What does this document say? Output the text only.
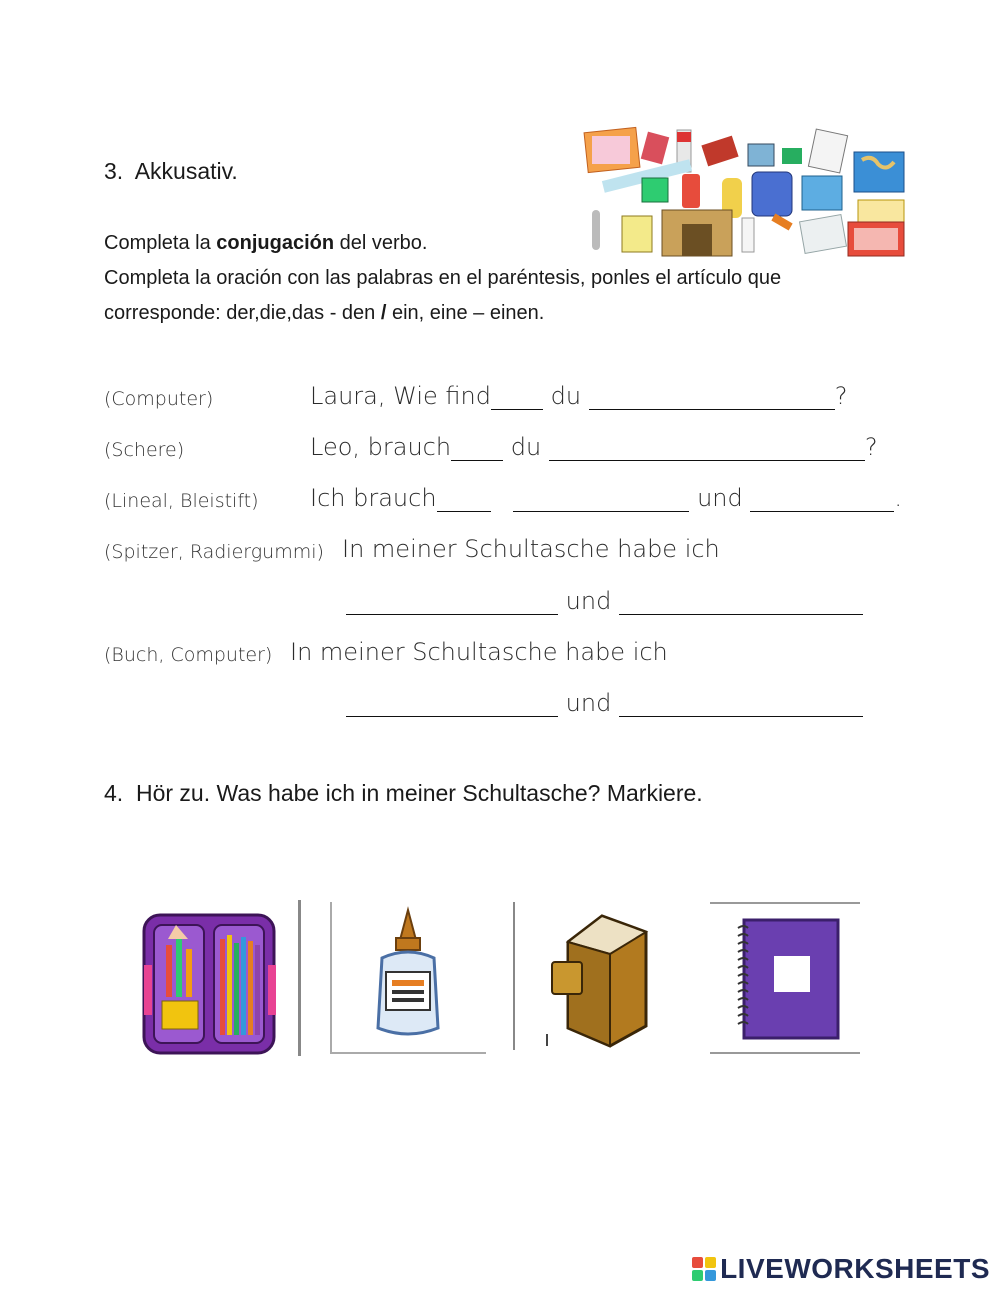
3. Akkusativ.
Completa la conjugación del verbo.
Completa la oración con las palabras en el paréntesis, ponles el artículo que
corresponde: der,die,das - den / ein, eine – einen.
(Computer)	Laura, Wie find du	?
(Schere)	Leo, brauch du	?
(Lineal, Bleistift) Ich brauch	und	.
(Spitzer, Radiergummi) In meiner Schultasche habe ich
und
(Buch, Computer) In meiner Schultasche habe ich
und
4. Hör zu. Was habe ich in meiner Schultasche? Markiere.
LIVEWORKSHEETS
